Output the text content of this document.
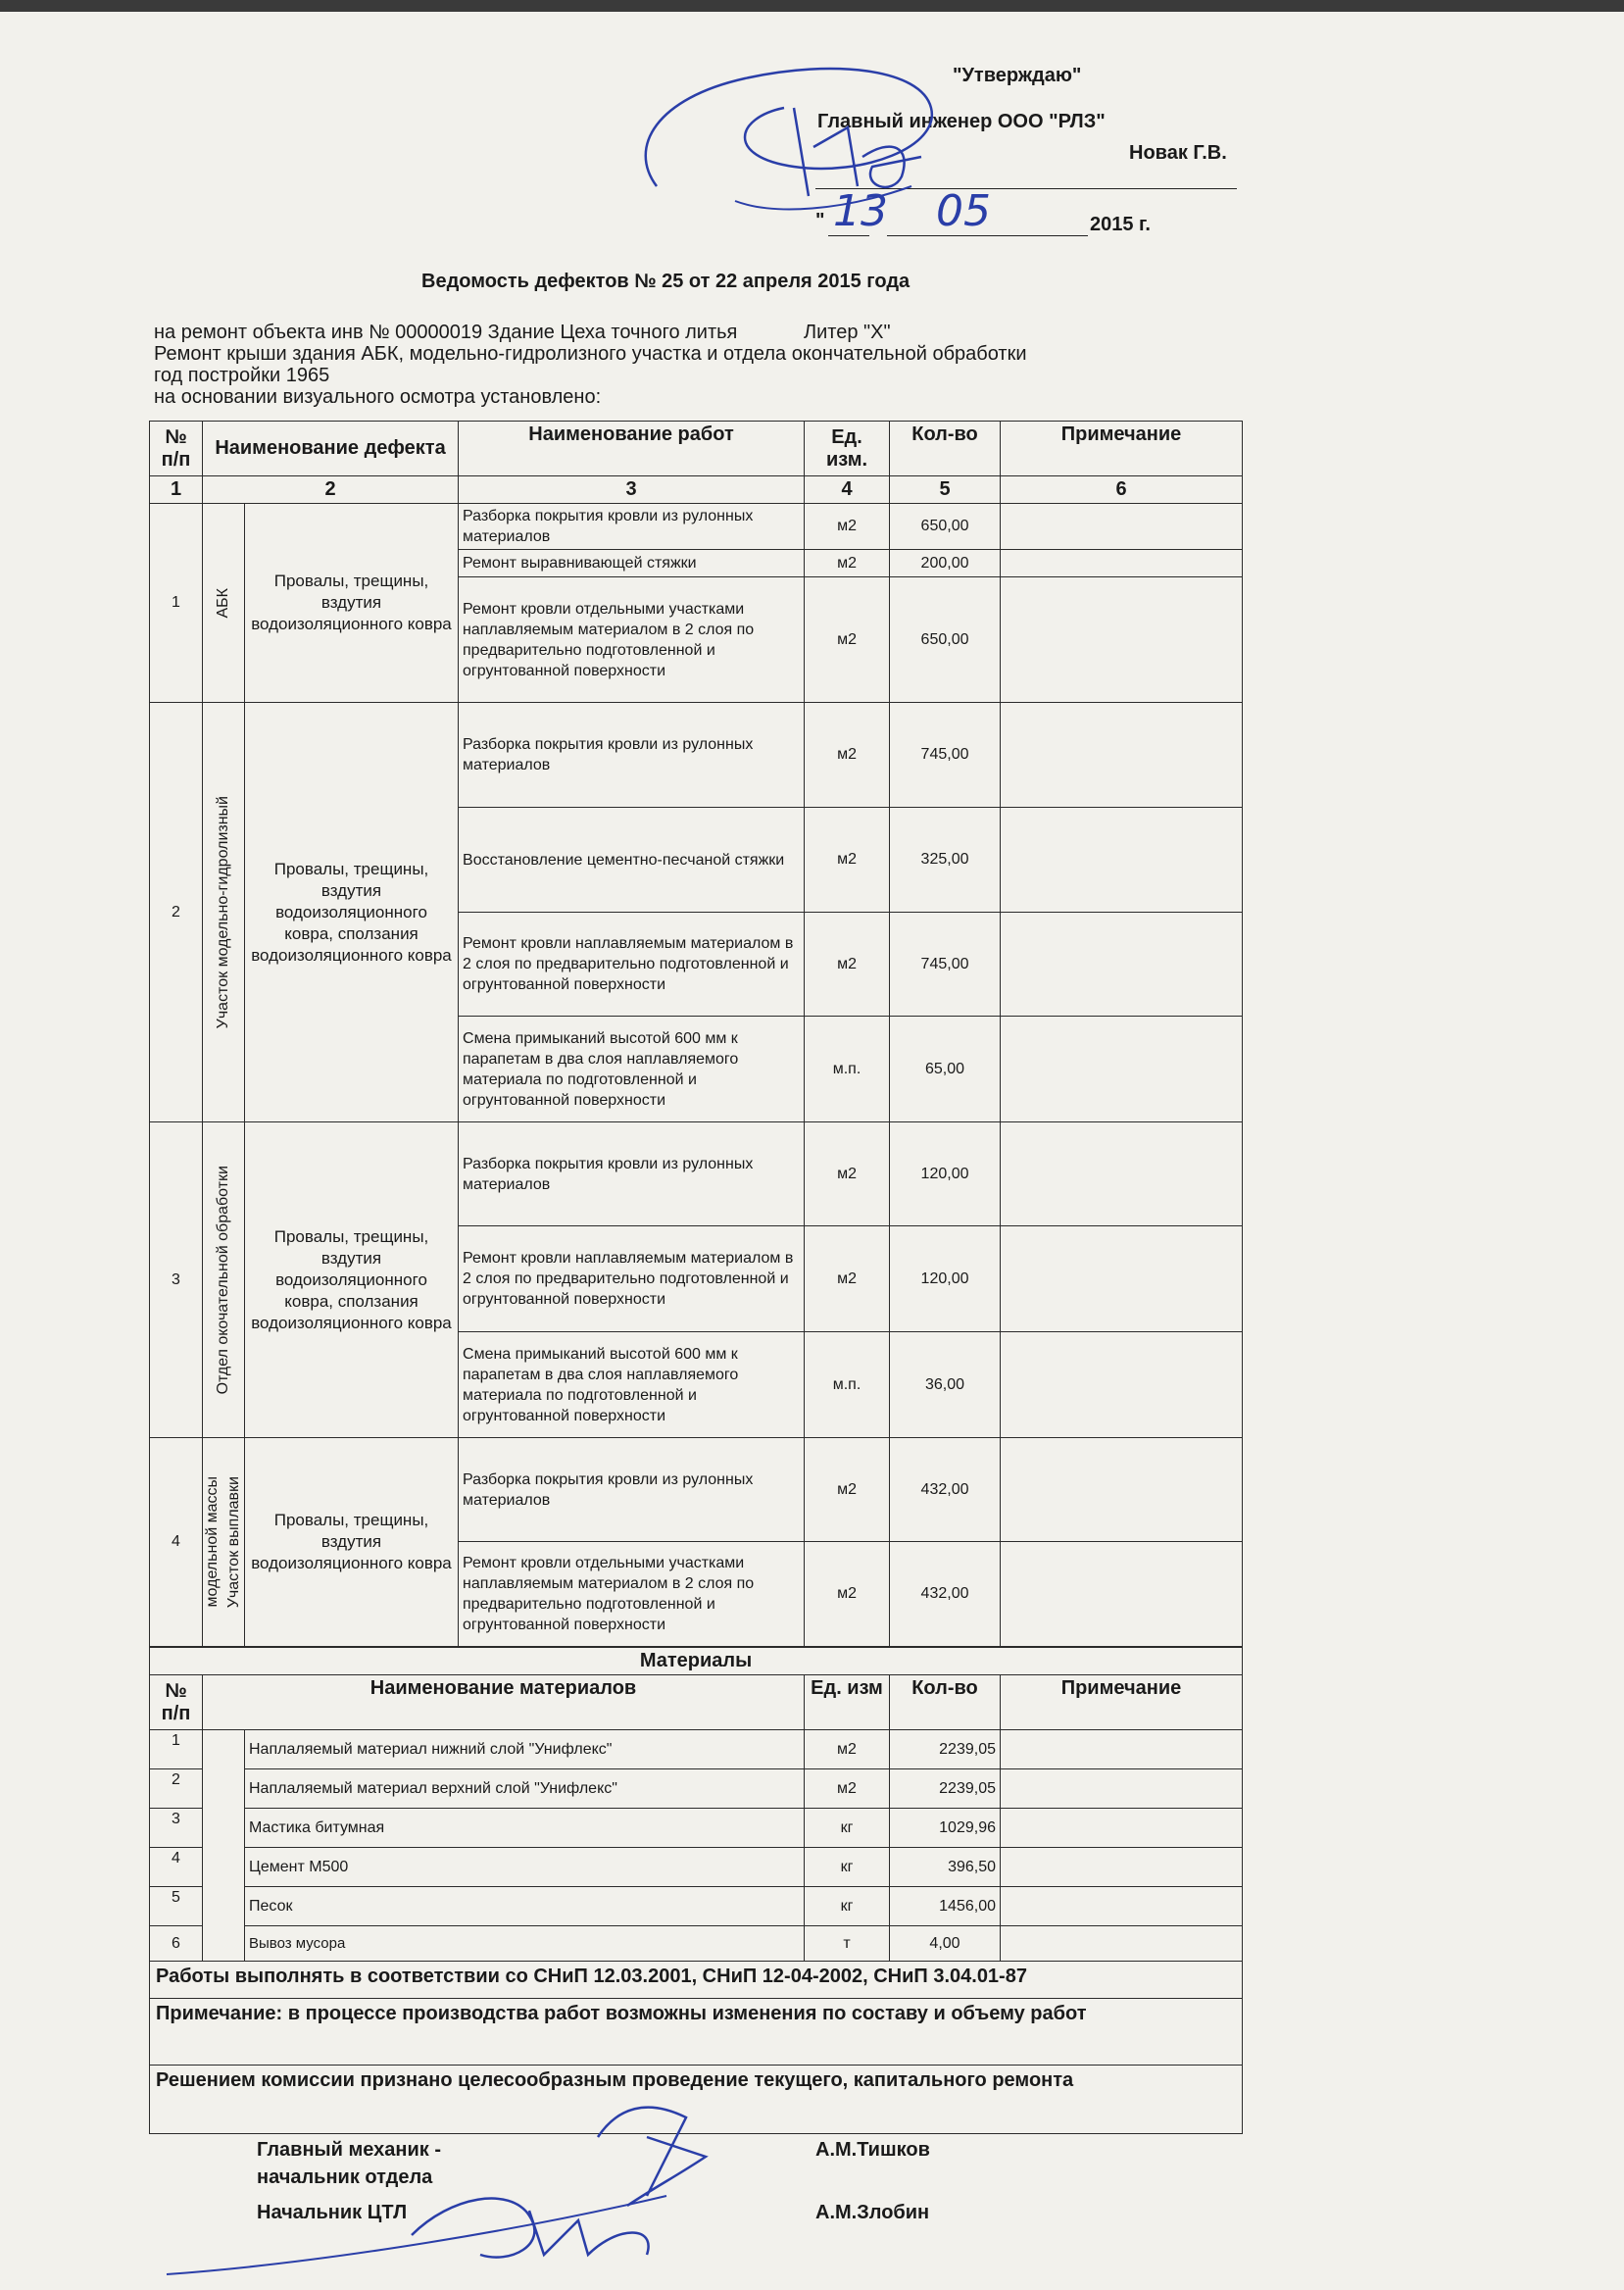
"Утверждаю"
Главный инженер ООО "РЛЗ"
Новак Г.В.
" 13 05	2015 г.
Ведомость дефектов № 25 от 22 апреля 2015 года
на ремонт объекта инв № 00000019 Здание Цеха точного литья	Литер "Х"
Ремонт крыши здания АБК, модельно-гидролизного участка и отдела окончательной обработки
год постройки 1965
на основании визуального осмотра установлено:
№ п/п	Наименование дефекта		Наименование работ	Ед. изм.	Кол-во	Примечание
1	2		3	4	5	6
1	АБК	Провалы, трещины, вздутия водоизоляционного ковра	Разборка покрытия кровли из рулонных материалов	м2	650,00	
			Ремонт выравнивающей стяжки	м2	200,00	
			Ремонт кровли отдельными участками наплавляемым материалом в 2 слоя по предварительно подготовленной и огрунтованной поверхности	м2	650,00	
2	Участок модельно-гидролизный	Провалы, трещины, вздутия водоизоляционного ковра, сползания водоизоляционного ковра	Разборка покрытия кровли из рулонных материалов	м2	745,00	
			Восстановление цементно-песчаной стяжки	м2	325,00	
			Ремонт кровли наплавляемым материалом в 2 слоя по предварительно подготовленной и огрунтованной поверхности	м2	745,00	
			Смена примыканий высотой 600 мм к парапетам в два слоя наплавляемого материала по подготовленной и огрунтованной поверхности	м.п.	65,00	
3	Отдел окочательной обработки	Провалы, трещины, вздутия водоизоляционного ковра, сползания водоизоляционного ковра	Разборка покрытия кровли из рулонных материалов	м2	120,00	
			Ремонт кровли наплавляемым материалом в 2 слоя по предварительно подготовленной и огрунтованной поверхности	м2	120,00	
			Смена примыканий высотой 600 мм к парапетам в два слоя наплавляемого материала по подготовленной и огрунтованной поверхности	м.п.	36,00	
4	модельной массы Участок выплавки	Провалы, трещины, вздутия водоизоляционного ковра	Разборка покрытия кровли из рулонных материалов	м2	432,00	
			Ремонт кровли отдельными участками наплавляемым материалом в 2 слоя по предварительно подготовленной и огрунтованной поверхности	м2	432,00	
Материалы					
№ п/п	Наименование материалов		Ед. изм	Кол-во	Примечание
1		Наплаляемый материал нижний слой "Унифлекс"	м2	2239,05	
2		Наплаляемый материал верхний слой "Унифлекс"	м2	2239,05	
3		Мастика битумная	кг	1029,96	
4		Цемент М500	кг	396,50	
5		Песок	кг	1456,00	
6		Вывоз мусора	т	4,00	
Работы выполнять в соответствии со СНиП 12.03.2001, СНиП 12-04-2002, СНиП 3.04.01-87					
Примечание: в процессе производства работ возможны изменения по составу и объему работ					
Решением комиссии признано целесообразным проведение текущего, капитального ремонта					
Главный механик -
начальник отдела
А.М.Тишков
Начальник ЦТЛ	А.М.Злобин
